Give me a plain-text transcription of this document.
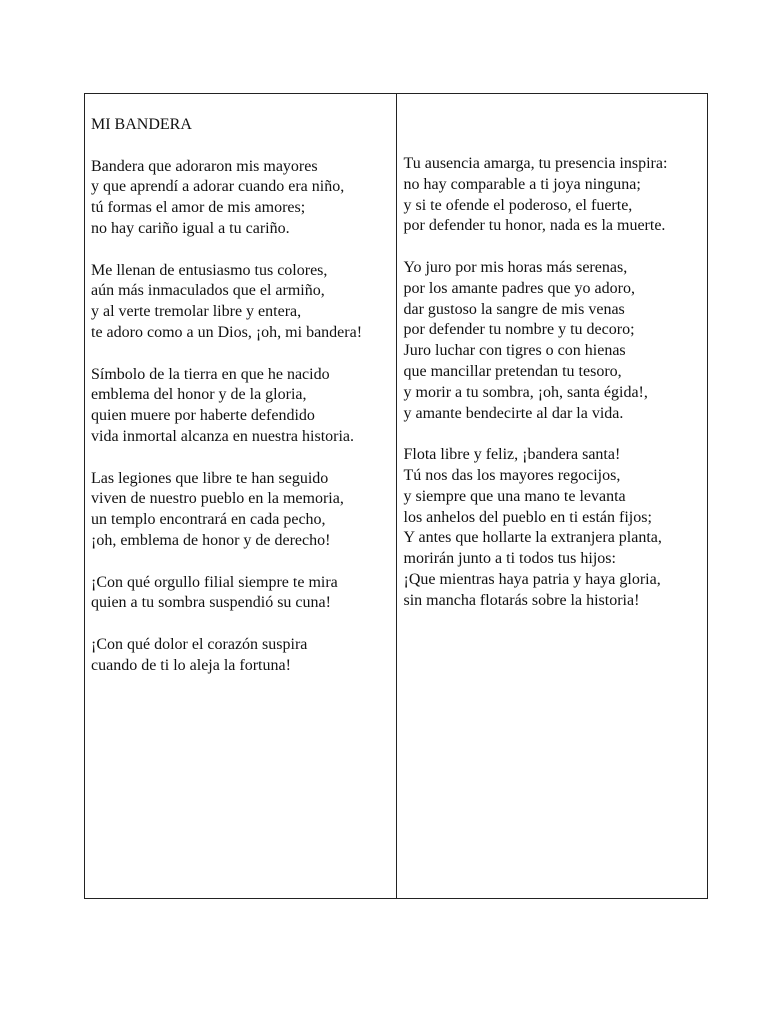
MI BANDERA
Bandera que adoraron mis mayores
y que aprendí a adorar cuando era niño,
tú formas el amor de mis amores;
no hay cariño igual a tu cariño.
Me llenan de entusiasmo tus colores,
aún más inmaculados que el armiño,
y al verte tremolar libre y entera,
te adoro como a un Dios, ¡oh, mi bandera!
Símbolo de la tierra en que he nacido
emblema del honor y de la gloria,
quien muere por haberte defendido
vida inmortal alcanza en nuestra historia.
Las legiones que libre te han seguido
viven de nuestro pueblo en la memoria,
un templo encontrará en cada pecho,
¡oh, emblema de honor y de derecho!
¡Con qué orgullo filial siempre te mira
quien a tu sombra suspendió su cuna!
¡Con qué dolor el corazón suspira
cuando de ti lo aleja la fortuna!
Tu ausencia amarga, tu presencia inspira:
no hay comparable a ti joya ninguna;
y si te ofende el poderoso, el fuerte,
por defender tu honor, nada es la muerte.
Yo juro por mis horas más serenas,
por los amante padres que yo adoro,
dar gustoso la sangre de mis venas
por defender tu nombre y tu decoro;
Juro luchar con tigres o con hienas
que mancillar pretendan tu tesoro,
y morir a tu sombra, ¡oh, santa égida!,
y amante bendecirte al dar la vida.
Flota libre y feliz, ¡bandera santa!
Tú nos das los mayores regocijos,
y siempre que una mano te levanta
los anhelos del pueblo en ti están fijos;
Y antes que hollarte la extranjera planta,
morirán junto a ti todos tus hijos:
¡Que mientras haya patria y haya gloria,
sin mancha flotarás sobre la historia!
